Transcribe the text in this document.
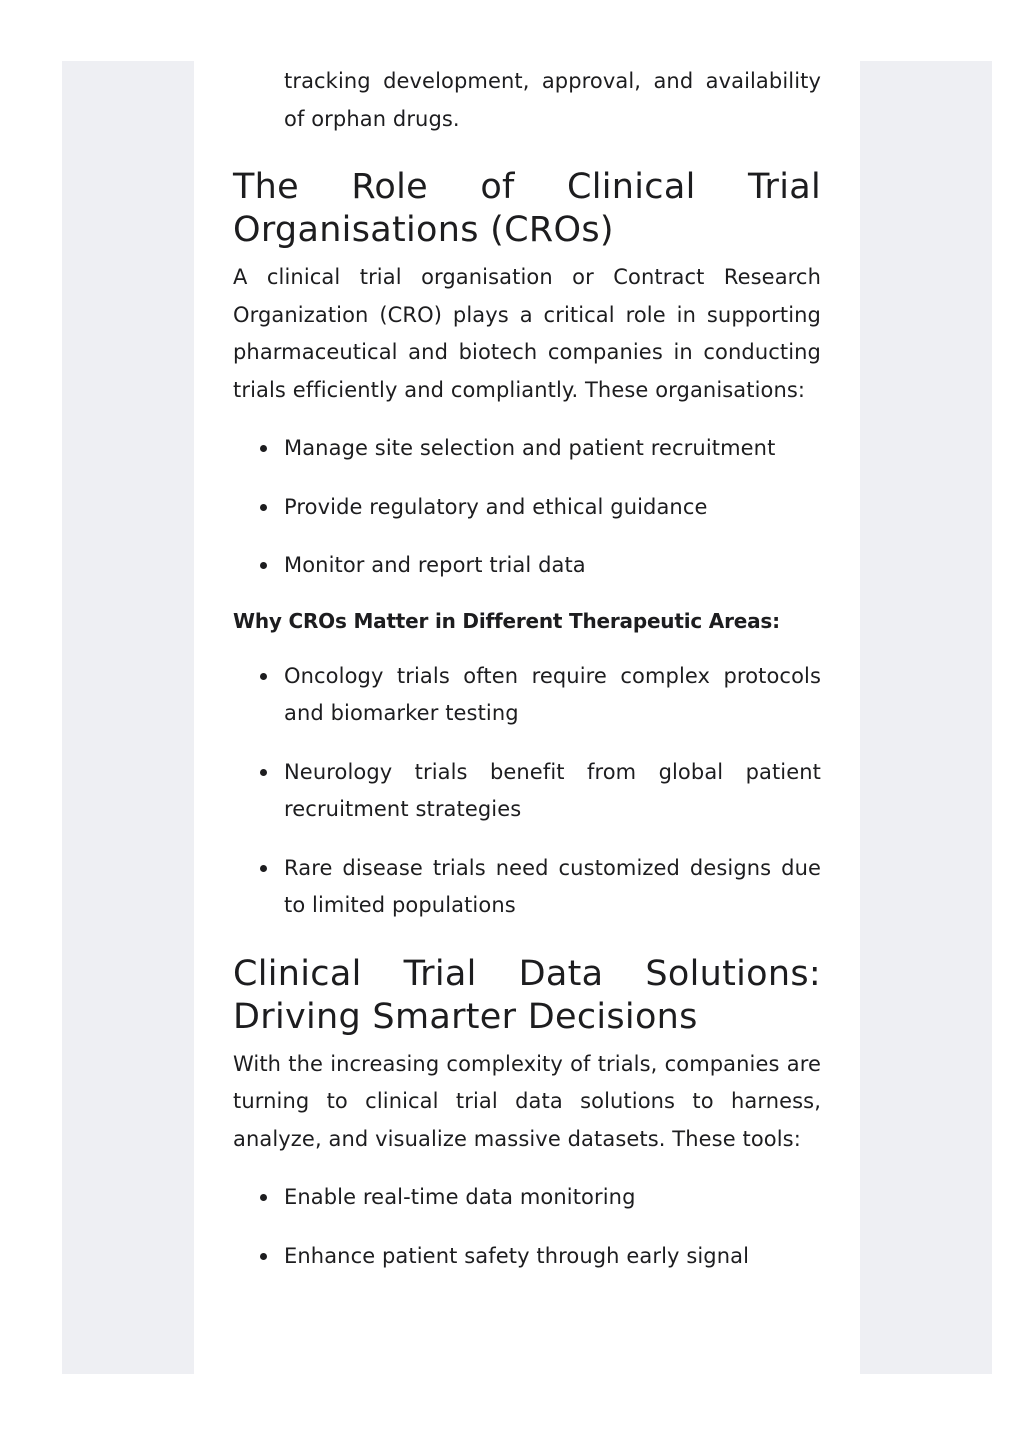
tracking development, approval, and availability of orphan drugs.

The Role of Clinical Trial Organisations (CROs)

A clinical trial organisation or Contract Research Organization (CRO) plays a critical role in supporting pharmaceutical and biotech companies in conducting trials efficiently and compliantly. These organisations:

Manage site selection and patient recruitment
Provide regulatory and ethical guidance
Monitor and report trial data

Why CROs Matter in Different Therapeutic Areas:

Oncology trials often require complex protocols and biomarker testing
Neurology trials benefit from global patient recruitment strategies
Rare disease trials need customized designs due to limited populations
Clinical Trial Data Solutions: Driving Smarter Decisions

With the increasing complexity of trials, companies are turning to clinical trial data solutions to harness, analyze, and visualize massive datasets. These tools:

Enable real-time data monitoring
Enhance patient safety through early signal
